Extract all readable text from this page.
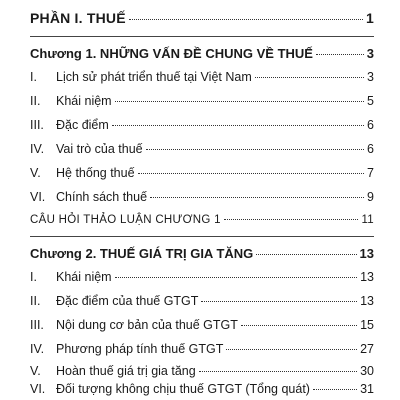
PHẦN I. THUẾ	1
Chương 1. NHỮNG VẤN ĐỀ CHUNG VỀ THUẾ	3
I.	Lịch sử phát triển thuế tại Việt Nam	3
II.	Khái niệm	5
III. Đặc điểm	6
IV. Vai trò của thuế	6
V.	Hệ thống thuế	7
VI. Chính sách thuế	9
CÂU HỎI THẢO LUẬN CHƯƠNG 1	11
Chương 2. THUẾ GIÁ TRỊ GIA TĂNG	13
I.	Khái niệm	13
II.	Đặc điểm của thuế GTGT	13
III. Nội dung cơ bản của thuế GTGT	15
IV. Phương pháp tính thuế GTGT	27
V.	Hoàn thuế giá trị gia tăng	30
VI. Đối tượng không chịu thuế GTGT (Tổng quát)	31
